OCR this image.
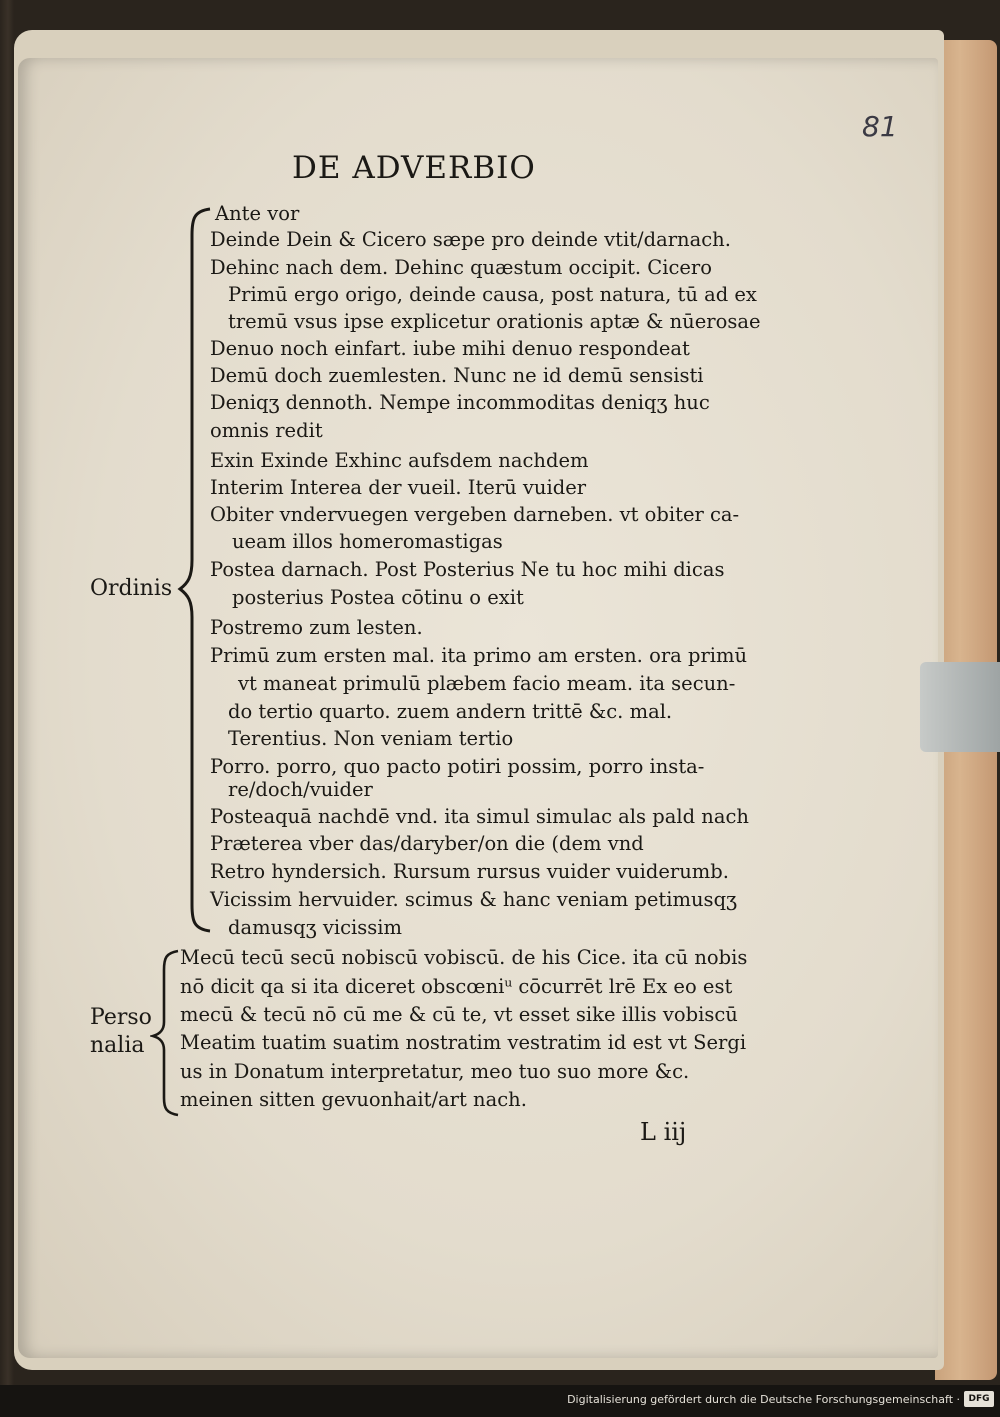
81
DE ADVERBIO
Ante vor
Deinde Dein & Cicero sæpe pro deinde vtit/darnach.
Dehinc nach dem. Dehinc quæstum occipit. Cicero
Primū ergo origo, deinde causa, post natura, tū ad ex
tremū vsus ipse explicetur orationis aptæ & nūerosae
Denuo noch einfart. iube mihi denuo respondeat
Demū doch zuemlesten. Nunc ne id demū sensisti
Deniqʒ dennoth. Nempe incommoditas deniqʒ huc
omnis redit
Exin Exinde Exhinc aufsdem nachdem
Interim Interea der vueil. Iterū vuider
Obiter vndervuegen vergeben darneben. vt obiter ca-
ueam illos homeromastigas
Postea darnach. Post Posterius Ne tu hoc mihi dicas
posterius Postea cōtinu o exit
Postremo zum lesten.
Primū zum ersten mal. ita primo am ersten. ora primū
vt maneat primulū plæbem facio meam. ita secun-
do tertio quarto. zuem andern trittē &c. mal.
Terentius. Non veniam tertio
Porro. porro, quo pacto potiri possim, porro insta-
re/doch/vuider
Posteaquā nachdē vnd. ita simul simulac als pald nach
Præterea vber das/daryber/on die (dem vnd
Retro hyndersich. Rursum rursus vuider vuiderumb.
Vicissim hervuider. scimus & hanc veniam petimusqʒ
damusqʒ vicissim
Ordinis
Mecū tecū secū nobiscū vobiscū. de his Cice. ita cū nobis
nō dicit qa si ita diceret obscœniᵘ cōcurrēt lrē Ex eo est
mecū & tecū nō cū me & cū te, vt esset sike illis vobiscū
Meatim tuatim suatim nostratim vestratim id est vt Sergi
us in Donatum interpretatur, meo tuo suo more &c.
meinen sitten gevuonhait/art nach.
Perso
nalia
L iij
Digitalisierung gefördert durch die Deutsche Forschungsgemeinschaft · DFG
